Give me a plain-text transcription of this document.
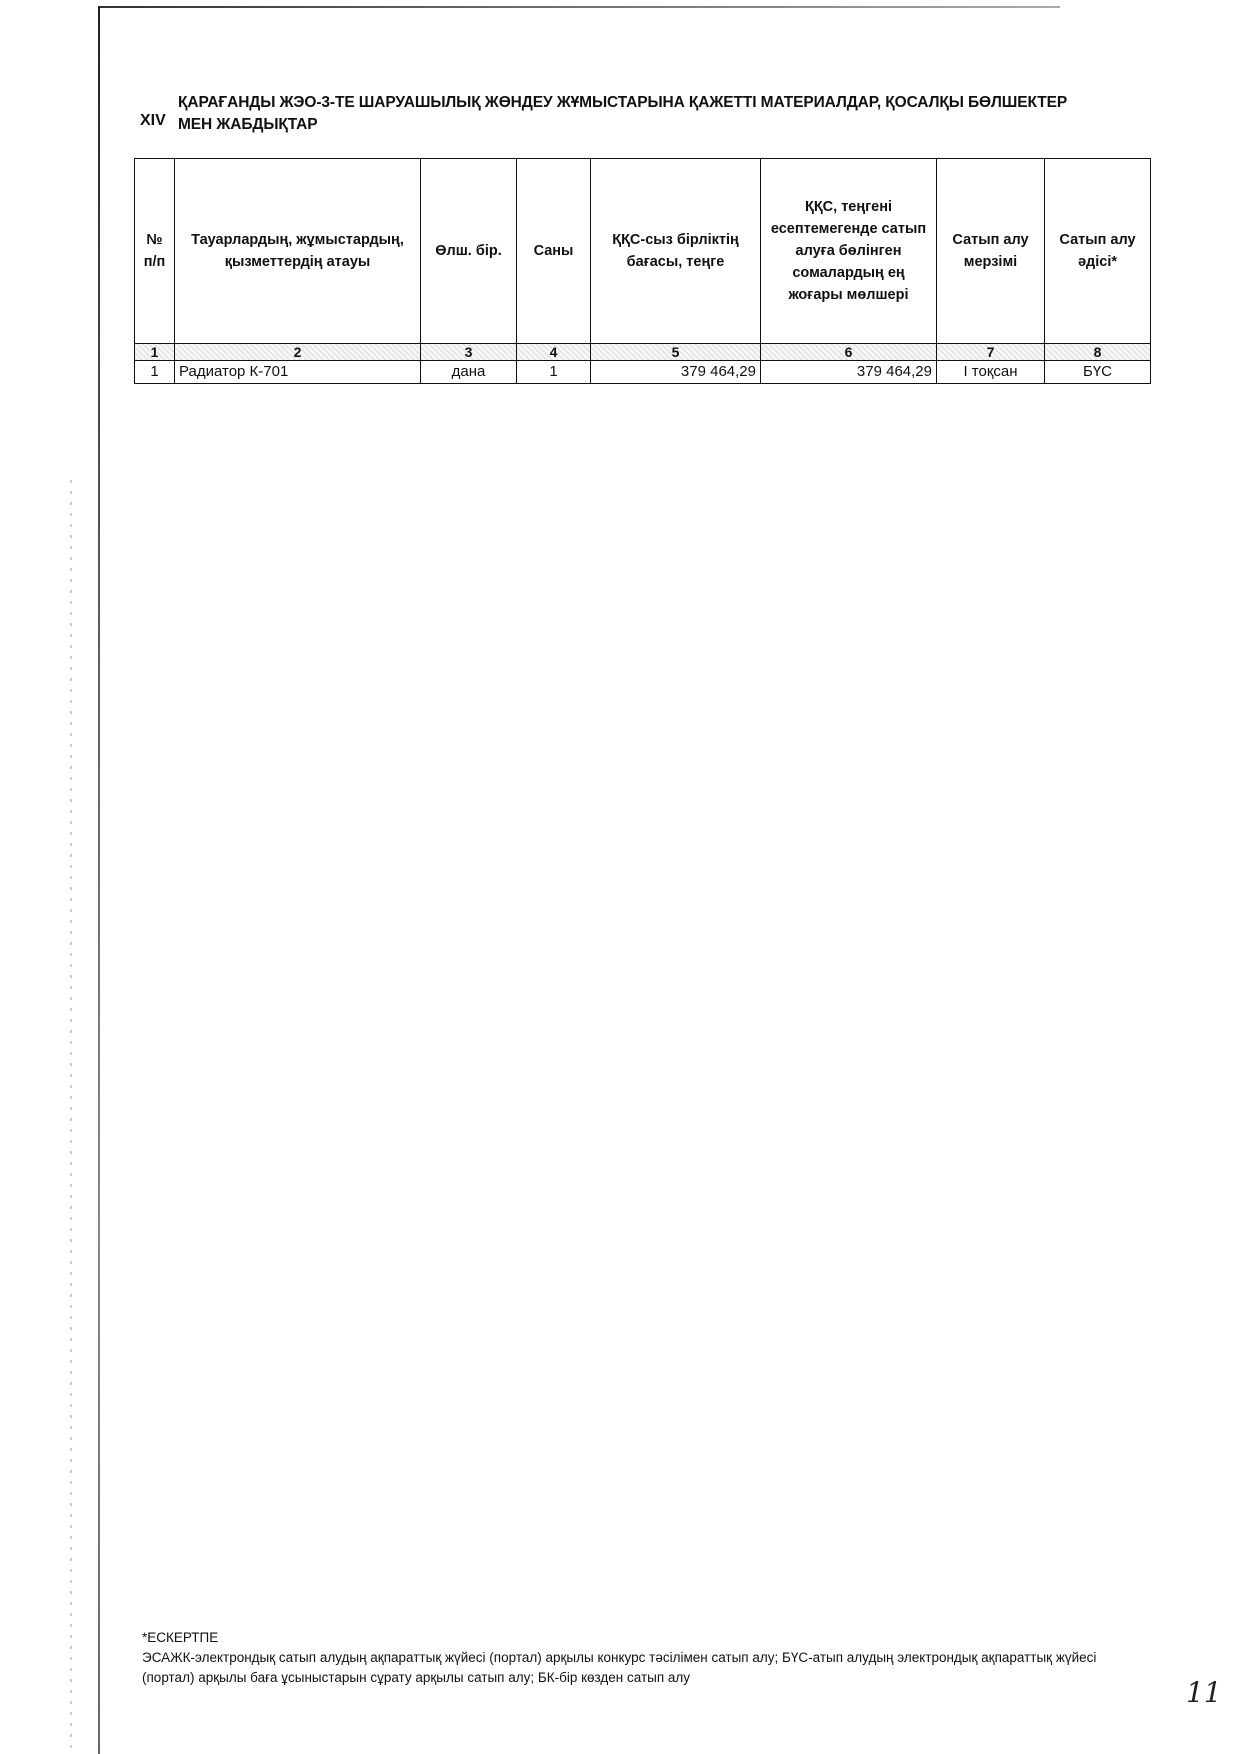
XIV
ҚАРАҒАНДЫ ЖЭО-3-ТЕ ШАРУАШЫЛЫҚ ЖӨНДЕУ ЖҰМЫСТАРЫНА ҚАЖЕТТІ МАТЕРИАЛДАР, ҚОСАЛҚЫ БӨЛШЕКТЕР МЕН ЖАБДЫҚТАР
№ п/п	Тауарлардың, жұмыстардың, қызметтердің атауы	Өлш. бір.	Саны	ҚҚС-сыз бірліктің бағасы, теңге	ҚҚС, теңгені есептемегенде сатып алуға бөлінген сомалардың ең жоғары мөлшері	Сатып алу мерзімі	Сатып алу әдісі*
1	2	3	4	5	6	7	8
1	Радиатор К-701	дана	1	379 464,29	379 464,29	І тоқсан	БҮС
*ЕСКЕРТПЕ
ЭСАЖК-электрондық сатып алудың ақпараттық жүйесі (портал) арқылы конкурс тәсілімен сатып алу; БҮС-атып алудың электрондық ақпараттық жүйесі (портал) арқылы баға ұсыныстарын сұрату арқылы сатып алу; БК-бір көзден сатып алу	11
